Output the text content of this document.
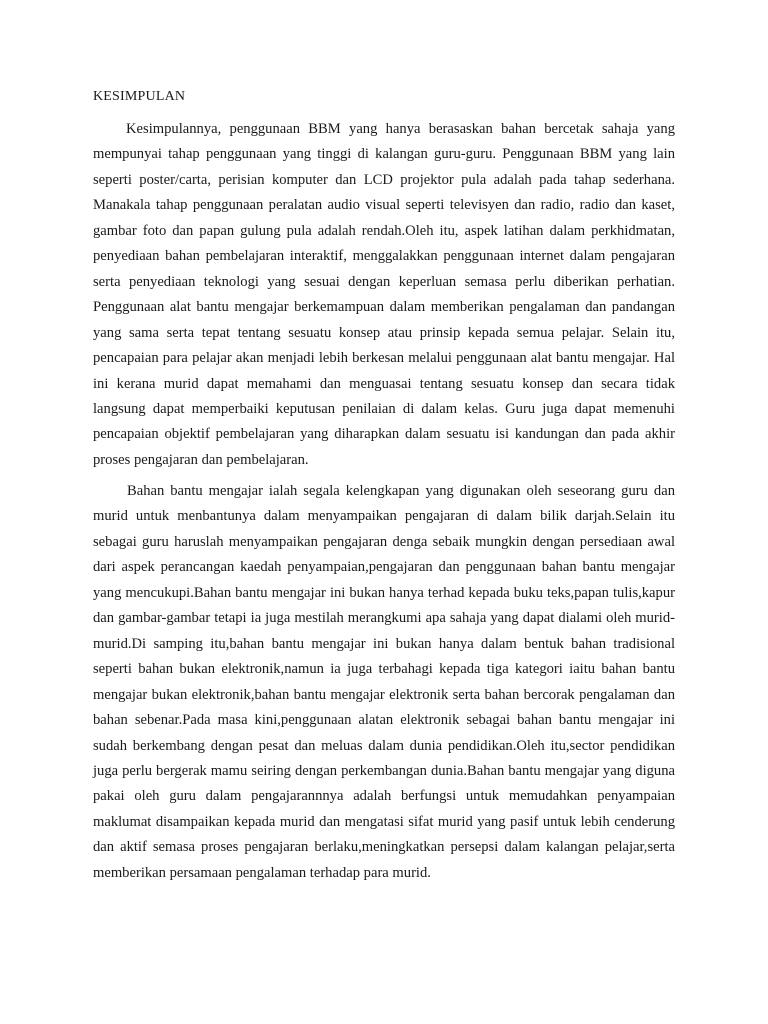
KESIMPULAN

Kesimpulannya, penggunaan BBM yang hanya berasaskan bahan bercetak sahaja yang mempunyai tahap penggunaan yang tinggi di kalangan guru-guru. Penggunaan BBM yang lain seperti poster/carta, perisian komputer dan LCD projektor pula adalah pada tahap sederhana. Manakala tahap penggunaan peralatan audio visual seperti televisyen dan radio, radio dan kaset, gambar foto dan papan gulung pula adalah rendah.Oleh itu, aspek latihan dalam perkhidmatan, penyediaan bahan pembelajaran interaktif, menggalakkan penggunaan internet dalam pengajaran serta penyediaan teknologi yang sesuai dengan keperluan semasa perlu diberikan perhatian. Penggunaan alat bantu mengajar berkemampuan dalam memberikan pengalaman dan pandangan yang sama serta tepat tentang sesuatu konsep atau prinsip kepada semua pelajar. Selain itu, pencapaian para pelajar akan menjadi lebih berkesan melalui penggunaan alat bantu mengajar. Hal ini kerana murid dapat memahami dan menguasai tentang sesuatu konsep dan secara tidak langsung dapat memperbaiki keputusan penilaian di dalam kelas. Guru juga dapat memenuhi pencapaian objektif pembelajaran yang diharapkan dalam sesuatu isi kandungan dan pada akhir proses pengajaran dan pembelajaran.

Bahan bantu mengajar ialah segala kelengkapan yang digunakan oleh seseorang guru dan murid untuk menbantunya dalam menyampaikan pengajaran di dalam bilik darjah.Selain itu sebagai guru haruslah menyampaikan pengajaran denga sebaik mungkin dengan persediaan awal dari aspek perancangan kaedah penyampaian,pengajaran dan penggunaan bahan bantu mengajar yang mencukupi.Bahan bantu mengajar ini bukan hanya terhad kepada buku teks,papan tulis,kapur dan gambar-gambar tetapi ia juga mestilah merangkumi apa sahaja yang dapat dialami oleh murid-murid.Di samping itu,bahan bantu mengajar ini bukan hanya dalam bentuk bahan tradisional seperti bahan bukan elektronik,namun ia juga terbahagi kepada tiga kategori iaitu bahan bantu mengajar bukan elektronik,bahan bantu mengajar elektronik serta bahan bercorak pengalaman dan bahan sebenar.Pada masa kini,penggunaan alatan elektronik sebagai bahan bantu mengajar ini sudah berkembang dengan pesat dan meluas dalam dunia pendidikan.Oleh itu,sector pendidikan juga perlu bergerak mamu seiring dengan perkembangan dunia.Bahan bantu mengajar yang diguna pakai oleh guru dalam pengajarannnya adalah berfungsi untuk memudahkan penyampaian maklumat disampaikan kepada murid dan mengatasi sifat murid yang pasif untuk lebih cenderung dan aktif semasa proses pengajaran berlaku,meningkatkan persepsi dalam kalangan pelajar,serta memberikan persamaan pengalaman terhadap para murid.
